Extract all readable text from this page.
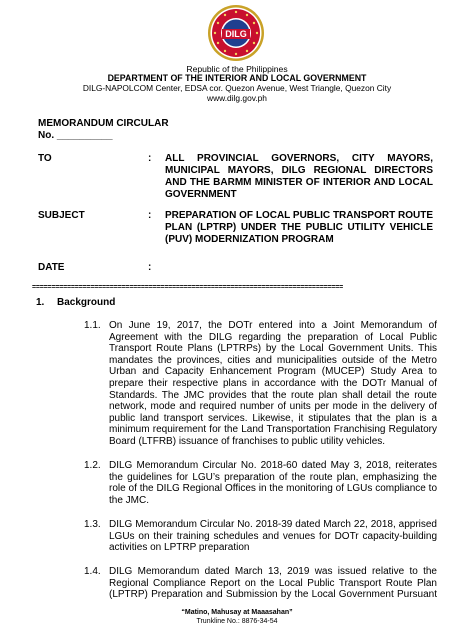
DILG
Republic of the Philippines
DEPARTMENT OF THE INTERIOR AND LOCAL GOVERNMENT
DILG-NAPOLCOM Center, EDSA cor. Quezon Avenue, West Triangle, Quezon City
www.dilg.gov.ph
MEMORANDUM CIRCULAR
No. __________
TO	: ALL PROVINCIAL GOVERNORS, CITY MAYORS,
MUNICIPAL MAYORS, DILG REGIONAL DIRECTORS
AND THE BARMM MINISTER OF INTERIOR AND LOCAL
GOVERNMENT
SUBJECT	: PREPARATION OF LOCAL PUBLIC TRANSPORT ROUTE
PLAN (LPTRP) UNDER THE PUBLIC UTILITY VEHICLE
(PUV) MODERNIZATION PROGRAM
DATE	:
================================================================================
1. Background
1.1. On June 19, 2017, the DOTr entered into a Joint Memorandum of
Agreement with the DILG regarding the preparation of Local Public
Transport Route Plans (LPTRPs) by the Local Government Units. This
mandates the provinces, cities and municipalities outside of the Metro
Urban and Capacity Enhancement Program (MUCEP) Study Area to
prepare their respective plans in accordance with the DOTr Manual of
Standards. The JMC provides that the route plan shall detail the route
network, mode and required number of units per mode in the delivery of
public land transport services. Likewise, it stipulates that the plan is a
minimum requirement for the Land Transportation Franchising Regulatory
Board (LTFRB) issuance of franchises to public utility vehicles.
1.2. DILG Memorandum Circular No. 2018-60 dated May 3, 2018, reiterates
the guidelines for LGU’s preparation of the route plan, emphasizing the
role of the DILG Regional Offices in the monitoring of LGUs compliance to
the JMC.
1.3. DILG Memorandum Circular No. 2018-39 dated March 22, 2018, apprised
LGUs on their training schedules and venues for DOTr capacity-building
activities on LPTRP preparation
1.4. DILG Memorandum dated March 13, 2019 was issued relative to the
Regional Compliance Report on the Local Public Transport Route Plan
(LPTRP) Preparation and Submission by the Local Government Pursuant
“Matino, Mahusay at Maaasahan”
Trunkline No.: 8876-34-54
